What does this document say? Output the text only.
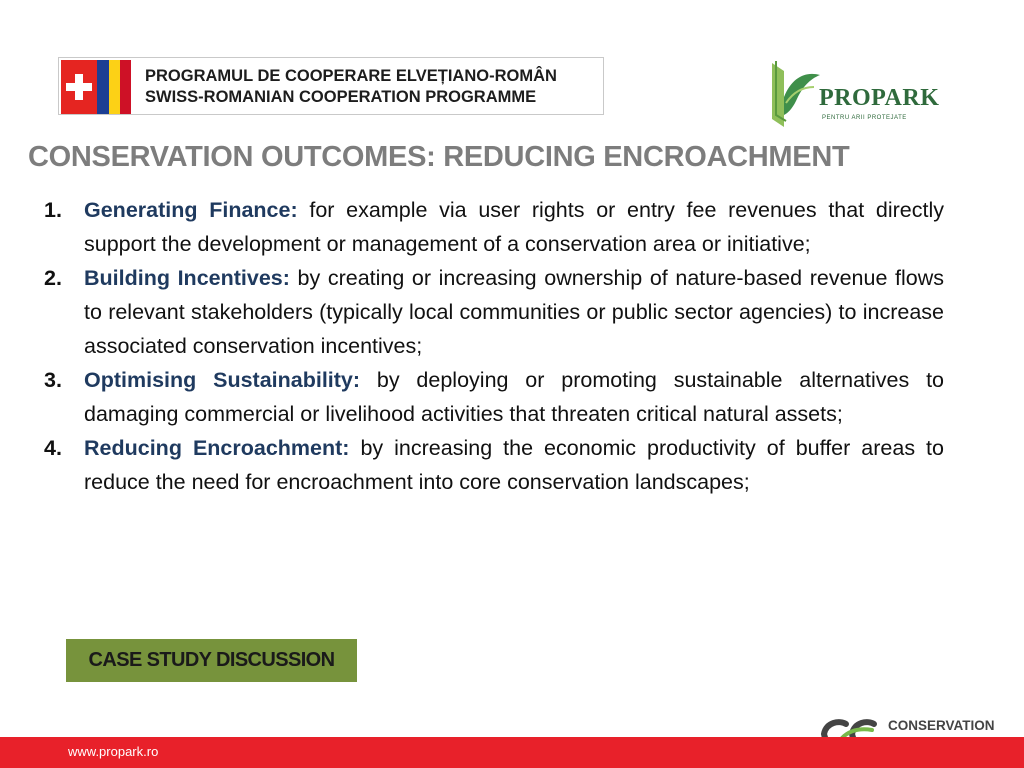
PROGRAMUL DE COOPERARE ELVEȚIANO-ROMÂN
SWISS-ROMANIAN COOPERATION PROGRAMME	PROPARK
PENTRU ARII PROTEJATE
CONSERVATION OUTCOMES: REDUCING ENCROACHMENT
1. Generating Finance: for example via user rights or entry fee revenues that directly support the development or management of a conservation area or initiative;
2. Building Incentives: by creating or increasing ownership of nature-based revenue flows to relevant stakeholders (typically local communities or public sector agencies) to increase associated conservation incentives;
3. Optimising Sustainability: by deploying or promoting sustainable alternatives to damaging commercial or livelihood activities that threaten critical natural assets;
4. Reducing Encroachment: by increasing the economic productivity of buffer areas to reduce the need for encroachment into core conservation landscapes;
CASE STUDY DISCUSSION
CONSERVATION
www.propark.ro
